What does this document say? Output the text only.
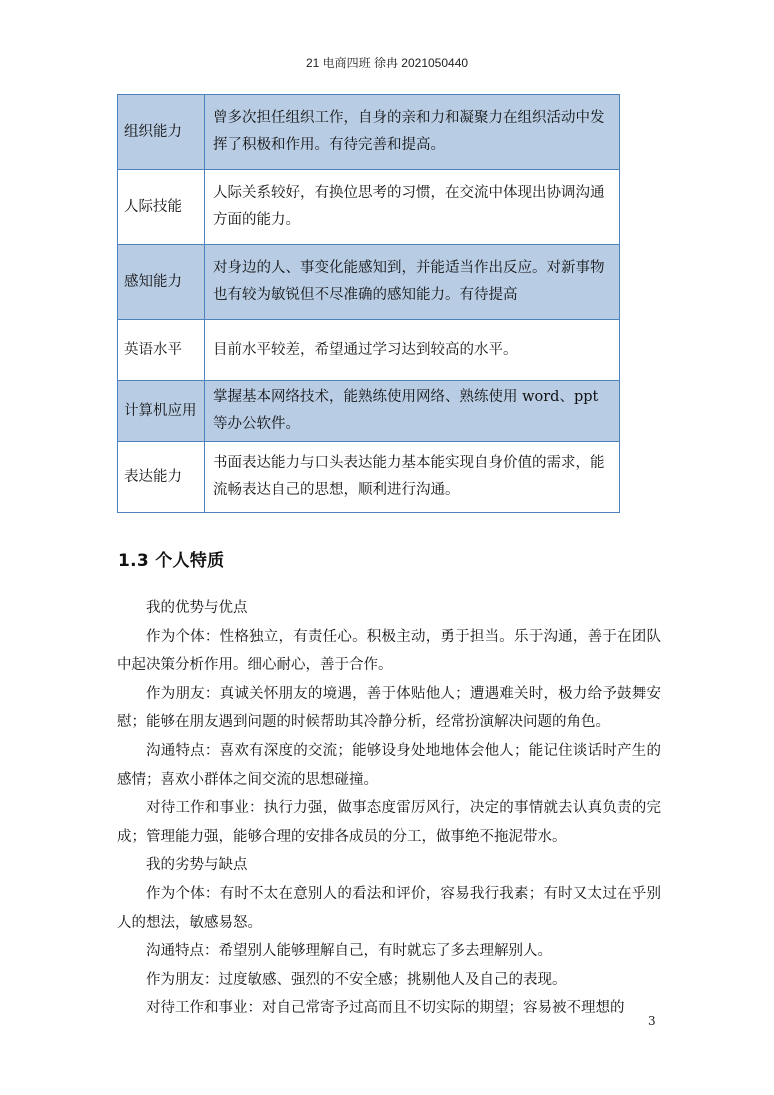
21 电商四班 徐冉 2021050440
组织能力	曾多次担任组织工作，自身的亲和力和凝聚力在组织活动中发挥了积极和作用。有待完善和提高。
人际技能	人际关系较好，有换位思考的习惯，在交流中体现出协调沟通方面的能力。
感知能力	对身边的人、事变化能感知到，并能适当作出反应。对新事物也有较为敏锐但不尽准确的感知能力。有待提高
英语水平	目前水平较差，希望通过学习达到较高的水平。
计算机应用	掌握基本网络技术，能熟练使用网络、熟练使用 word、ppt 等办公软件。
表达能力	书面表达能力与口头表达能力基本能实现自身价值的需求，能流畅表达自己的思想，顺利进行沟通。
1.3 个人特质

我的优势与优点

作为个体：性格独立，有责任心。积极主动，勇于担当。乐于沟通，善于在团队中起决策分析作用。细心耐心，善于合作。

作为朋友：真诚关怀朋友的境遇，善于体贴他人；遭遇难关时，极力给予鼓舞安慰；能够在朋友遇到问题的时候帮助其冷静分析，经常扮演解决问题的角色。

沟通特点：喜欢有深度的交流；能够设身处地地体会他人；能记住谈话时产生的感情；喜欢小群体之间交流的思想碰撞。

对待工作和事业：执行力强，做事态度雷厉风行，决定的事情就去认真负责的完成；管理能力强，能够合理的安排各成员的分工，做事绝不拖泥带水。

我的劣势与缺点

作为个体：有时不太在意别人的看法和评价，容易我行我素；有时又太过在乎别人的想法，敏感易怒。

沟通特点：希望别人能够理解自己，有时就忘了多去理解别人。

作为朋友：过度敏感、强烈的不安全感；挑剔他人及自己的表现。

对待工作和事业：对自己常寄予过高而且不切实际的期望；容易被不理想的

3
